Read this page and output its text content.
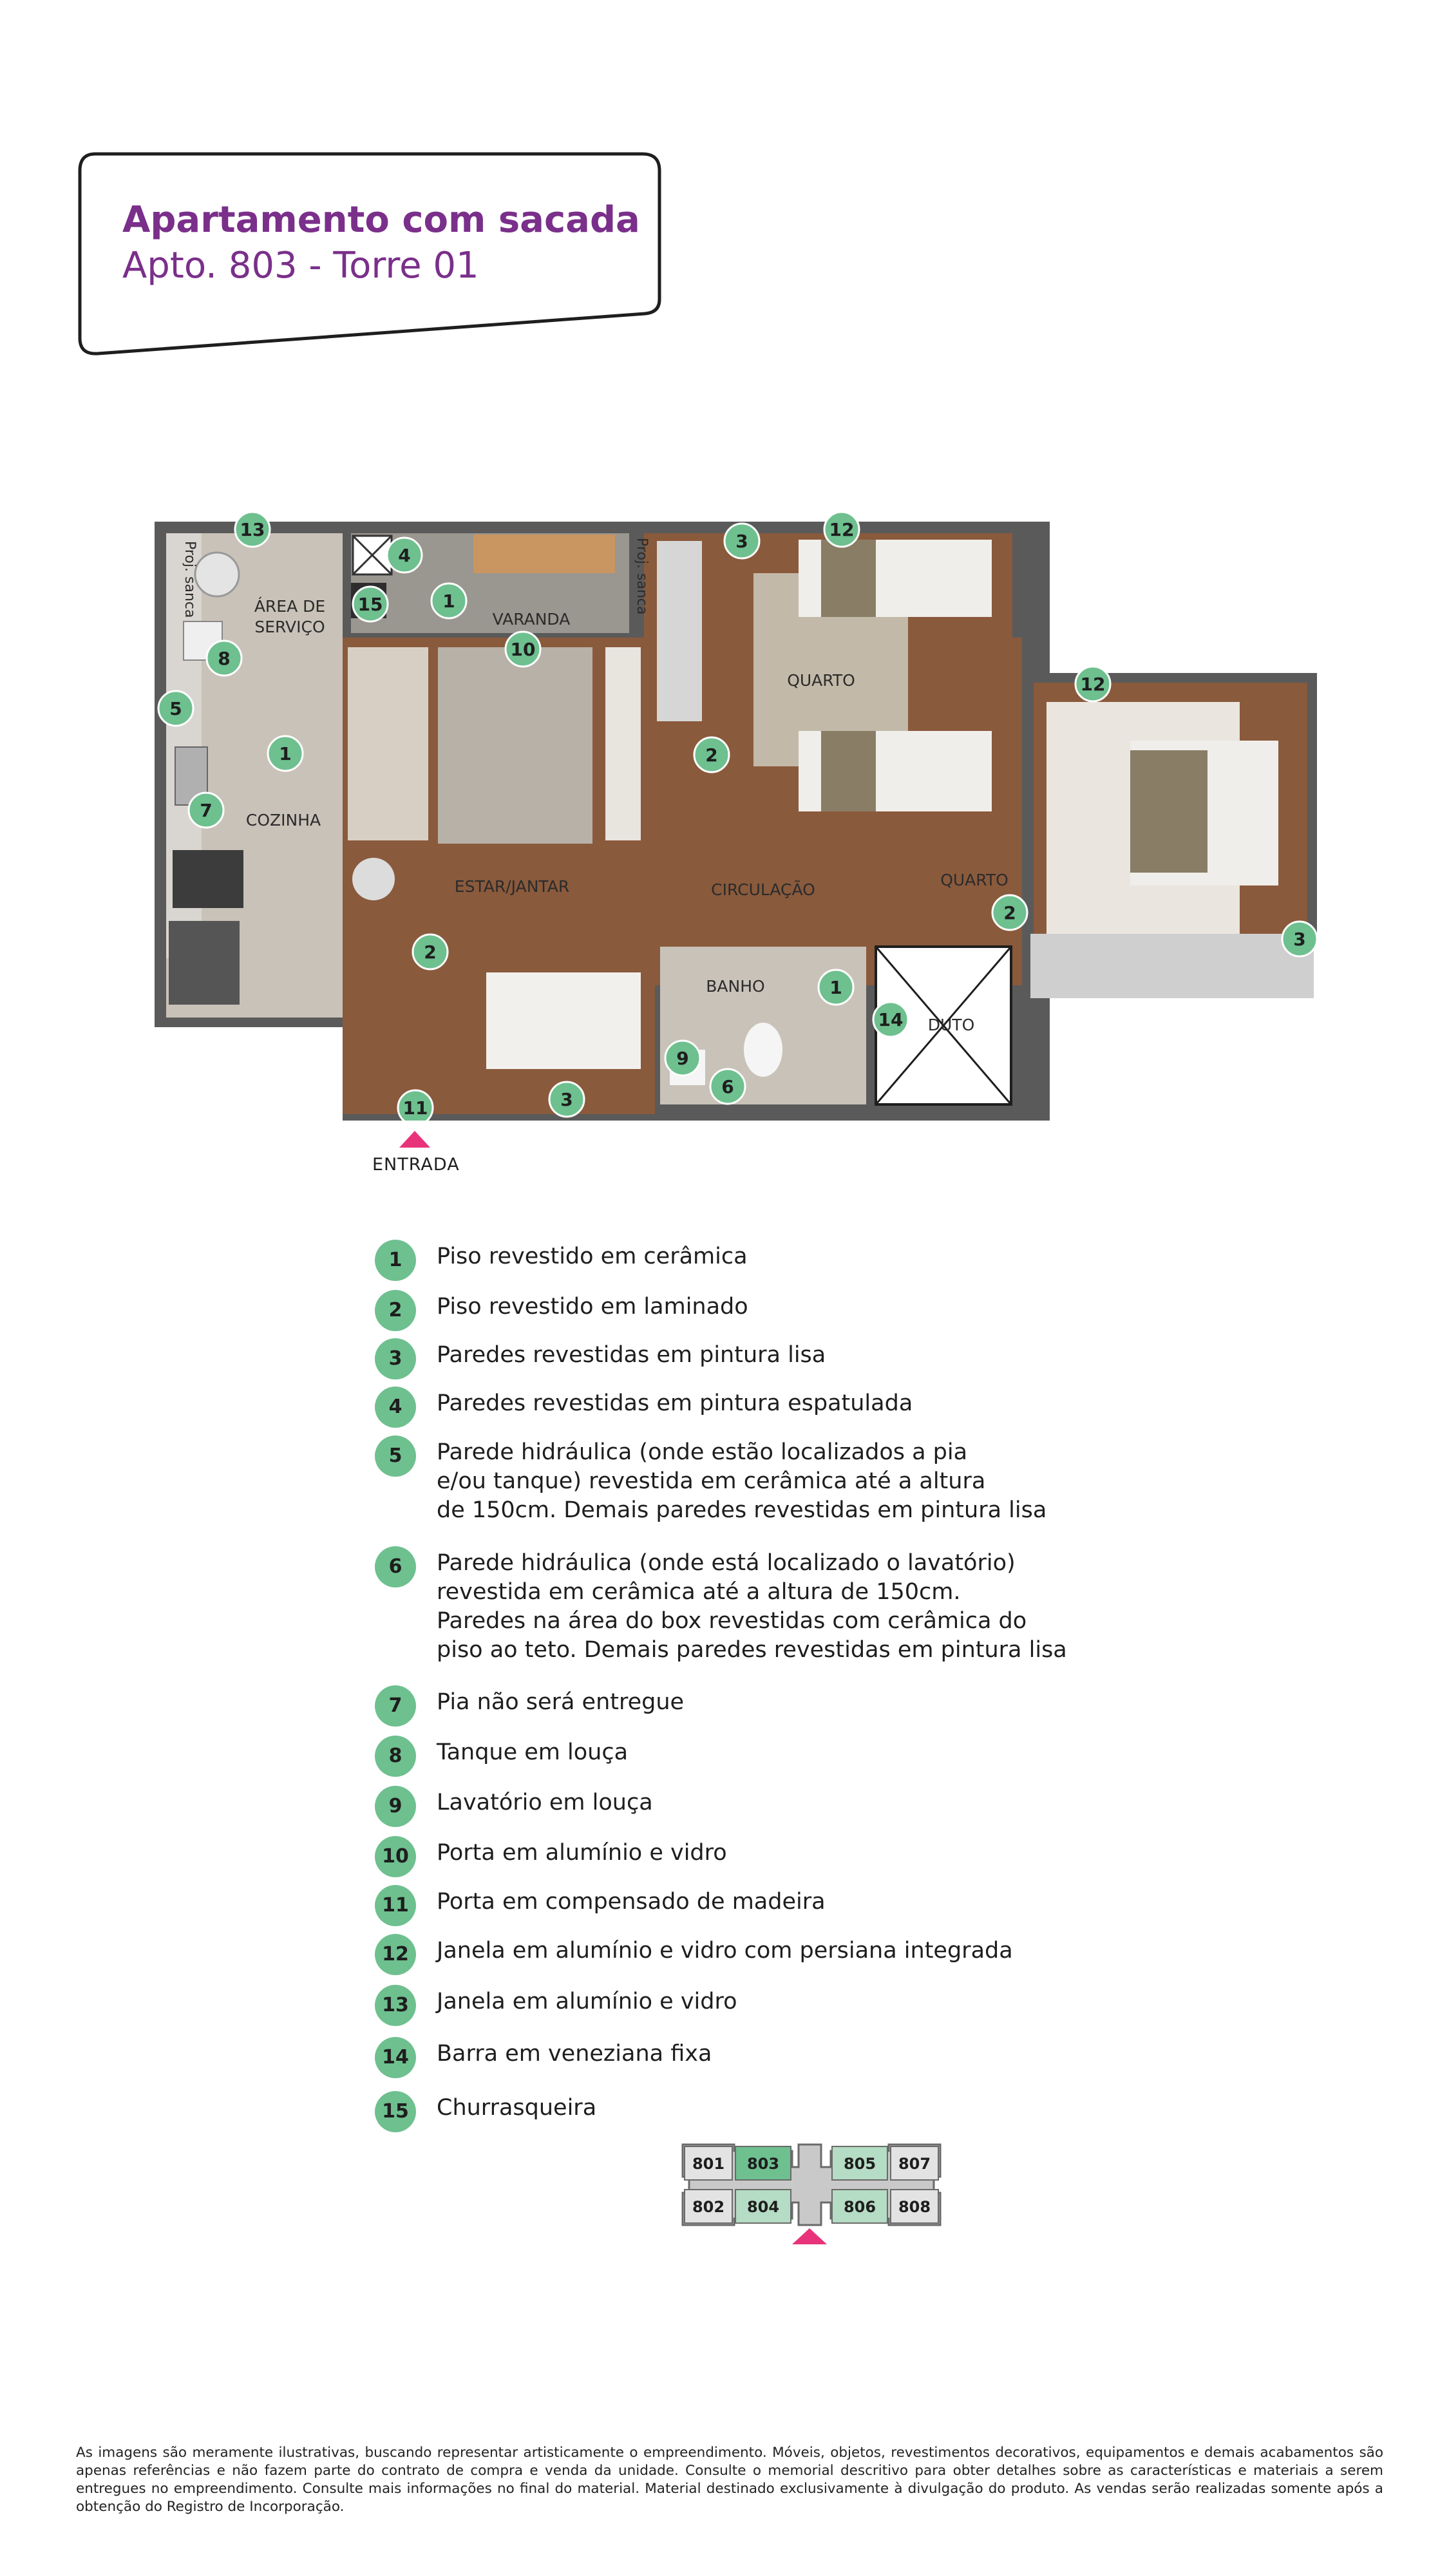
Apartamento com sacada
Apto. 803 - Torre 01
ÁREA DE
SERVIÇO
COZINHA
VARANDA
QUARTO
QUARTO
ESTAR/JANTAR	CIRCULAÇÃO
BANHO
DUTO
Proj. sanca	Proj. sanca
13
4
15	1
10
3
12
8
5
1
7
2
12
3
2
2
1
14
9
6
3
11
ENTRADA
1	Piso revestido em cerâmica
2	Piso revestido em laminado
3	Paredes revestidas em pintura lisa
4	Paredes revestidas em pintura espatulada
5	Parede hidráulica (onde estão localizados a pia
e/ou tanque) revestida em cerâmica até a altura
de 150cm. Demais paredes revestidas em pintura lisa
6	Parede hidráulica (onde está localizado o lavatório)
revestida em cerâmica até a altura de 150cm.
Paredes na área do box revestidas com cerâmica do
piso ao teto. Demais paredes revestidas em pintura lisa
7	Pia não será entregue
8	Tanque em louça
9	Lavatório em louça
10	Porta em alumínio e vidro
11	Porta em compensado de madeira
12	Janela em alumínio e vidro com persiana integrada
13	Janela em alumínio e vidro
14	Barra em veneziana fixa
15	Churrasqueira
801
802
803
804
805
806
807
808
As imagens são meramente ilustrativas, buscando representar artisticamente o empreendimento. Móveis, objetos, revestimentos decorativos, equipamentos e demais acabamentos são apenas referências e não fazem parte do contrato de compra e venda da unidade. Consulte o memorial descritivo para obter detalhes sobre as características e materiais a serem entregues no empreendimento. Consulte mais informações no final do material. Material destinado exclusivamente à divulgação do produto. As vendas serão realizadas somente após a obtenção do Registro de Incorporação.
